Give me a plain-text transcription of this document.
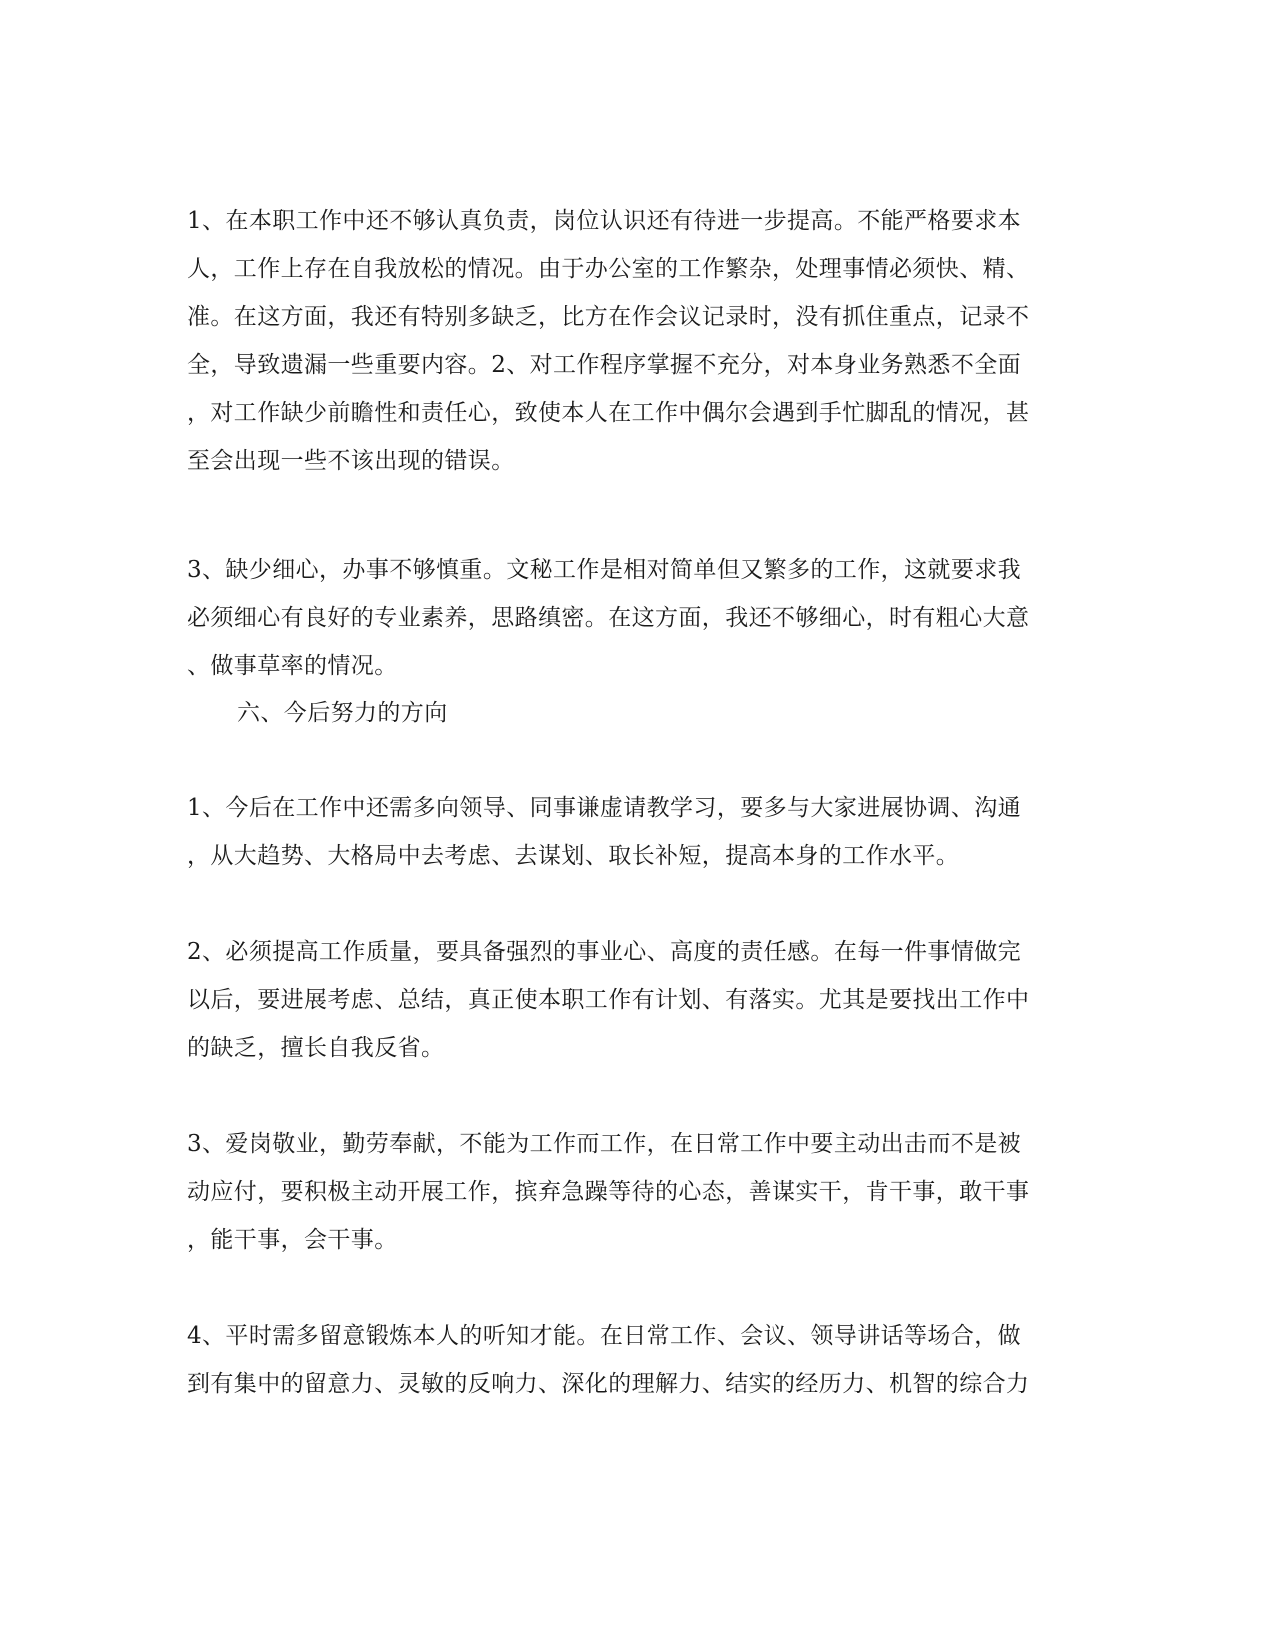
1、在本职工作中还不够认真负责，岗位认识还有待进一步提高。不能严格要求本
人，工作上存在自我放松的情况。由于办公室的工作繁杂，处理事情必须快、精、
准。在这方面，我还有特别多缺乏，比方在作会议记录时，没有抓住重点，记录不
全，导致遗漏一些重要内容。2、对工作程序掌握不充分，对本身业务熟悉不全面
，对工作缺少前瞻性和责任心，致使本人在工作中偶尔会遇到手忙脚乱的情况，甚
至会出现一些不该出现的错误。
3、缺少细心，办事不够慎重。文秘工作是相对简单但又繁多的工作，这就要求我
必须细心有良好的专业素养，思路缜密。在这方面，我还不够细心，时有粗心大意
、做事草率的情况。
六、今后努力的方向
1、今后在工作中还需多向领导、同事谦虚请教学习，要多与大家进展协调、沟通
，从大趋势、大格局中去考虑、去谋划、取长补短，提高本身的工作水平。
2、必须提高工作质量，要具备强烈的事业心、高度的责任感。在每一件事情做完
以后，要进展考虑、总结，真正使本职工作有计划、有落实。尤其是要找出工作中
的缺乏，擅长自我反省。
3、爱岗敬业，勤劳奉献，不能为工作而工作，在日常工作中要主动出击而不是被
动应付，要积极主动开展工作，摈弃急躁等待的心态，善谋实干，肯干事，敢干事
，能干事，会干事。
4、平时需多留意锻炼本人的听知才能。在日常工作、会议、领导讲话等场合，做
到有集中的留意力、灵敏的反响力、深化的理解力、结实的经历力、机智的综合力
